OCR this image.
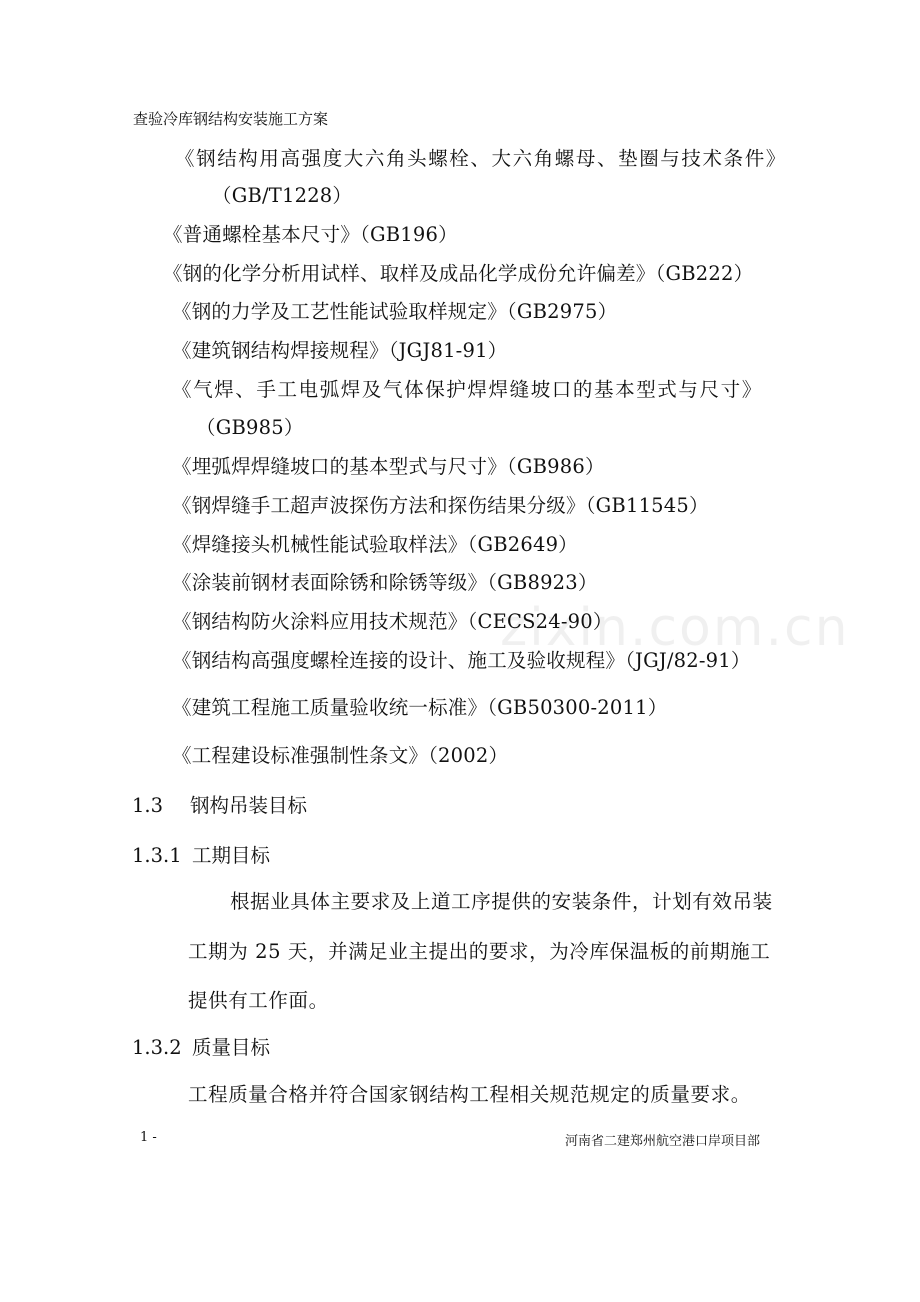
查验冷库钢结构安装施工方案
《钢结构用高强度大六角头螺栓、大六角螺母、垫圈与技术条件》
（GB/T1228）
《普通螺栓基本尺寸》（GB196）
《钢的化学分析用试样、取样及成品化学成份允许偏差》（GB222）
《钢的力学及工艺性能试验取样规定》（GB2975）
《建筑钢结构焊接规程》（JGJ81-91）
《气焊、手工电弧焊及气体保护焊焊缝坡口的基本型式与尺寸》
（GB985）
《埋弧焊焊缝坡口的基本型式与尺寸》（GB986）
《钢焊缝手工超声波探伤方法和探伤结果分级》（GB11545）
《焊缝接头机械性能试验取样法》（GB2649）
《涂装前钢材表面除锈和除锈等级》（GB8923）
《钢结构防火涂料应用技术规范》（CECS24-90）
《钢结构高强度螺栓连接的设计、施工及验收规程》（JGJ/82-91）
《建筑工程施工质量验收统一标准》（GB50300-2011）
《工程建设标准强制性条文》（2002）
1.3 钢构吊装目标
1.3.1 工期目标
根据业具体主要求及上道工序提供的安装条件，计划有效吊装
工期为 25 天，并满足业主提出的要求，为冷库保温板的前期施工
提供有工作面。
1.3.2 质量目标
工程质量合格并符合国家钢结构工程相关规范规定的质量要求。
1 -	河南省二建郑州航空港口岸项目部
zixin.com.cn
